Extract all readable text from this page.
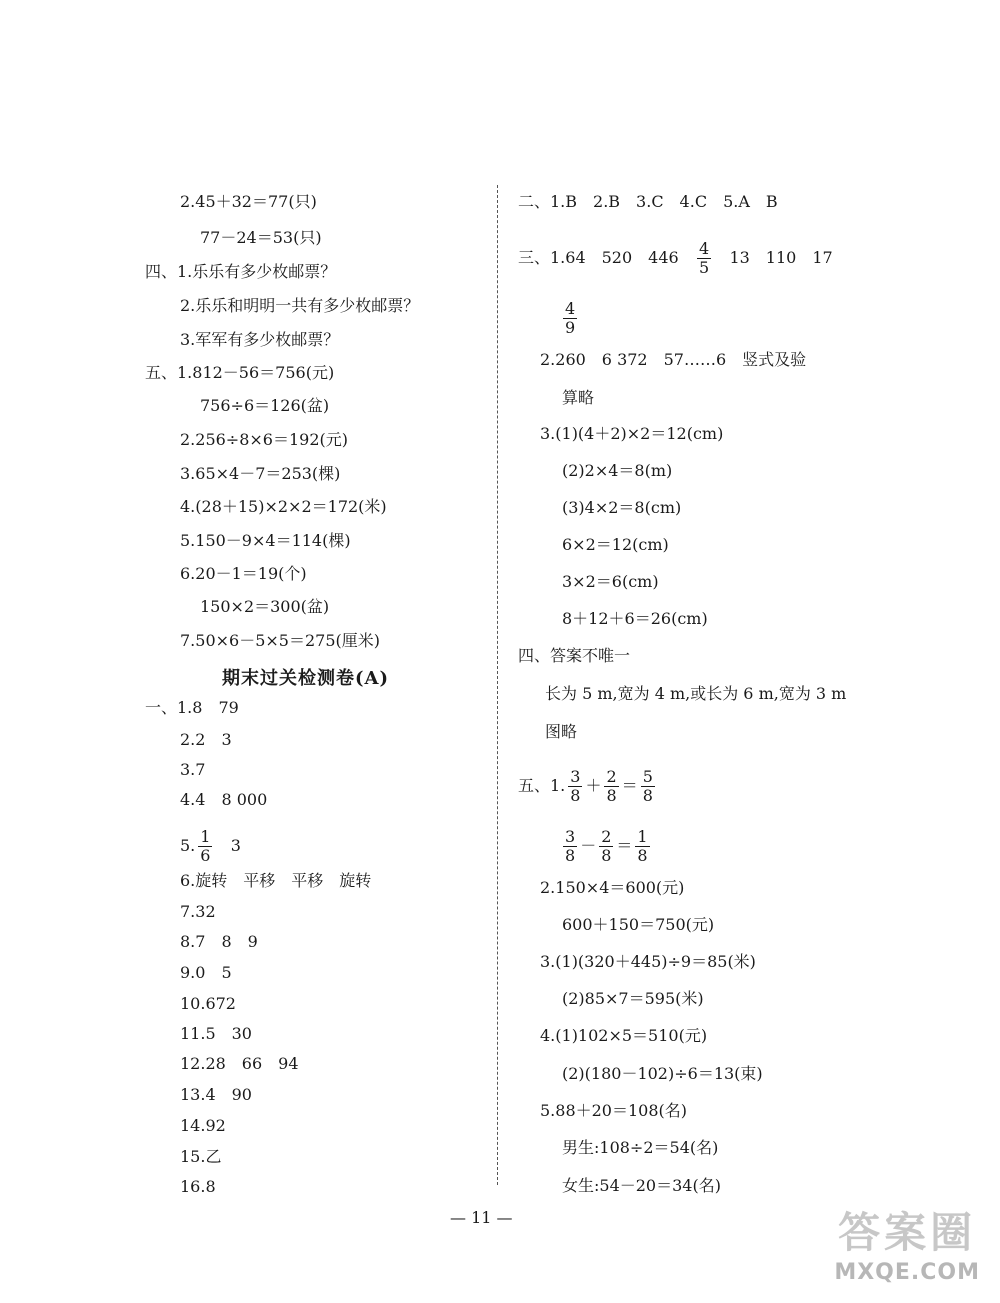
2.45＋32＝77(只)
77－24＝53(只)
四、1.乐乐有多少枚邮票？
2.乐乐和明明一共有多少枚邮票？
3.军军有多少枚邮票？
五、1.812－56＝756(元)
756÷6＝126(盆)
2.256÷8×6＝192(元)
3.65×4－7＝253(棵)
4.(28＋15)×2×2＝172(米)
5.150－9×4＝114(棵)
6.20－1＝19(个)
150×2＝300(盆)
7.50×6－5×5＝275(厘米)
期末过关检测卷(A)
一、1.8　79
2.2　3
3.7
4.4　8 000
5. $\frac{1}{6} 3$
6.旋转　平移　平移　旋转
7.32
8.7　8　9
9.0　5
10.672
11.5　30
12.28　66　94
13.4　90
14.92
15.乙
16.8
二、1.B　2.B　3.C　4.C　5.A　B
三、1.64　520　$446 \frac{4}{5} 13$　110　17
$\frac{4}{9}$
2.260　6 372　57……6　竖式及验
算略
3.(1)(4＋2)×2＝12(cm)
(2)2×4＝8(m)
(3)4×2＝8(cm)
6×2＝12(cm)
3×2＝6(cm)
8＋12＋6＝26(cm)
四、答案不唯一
长为 5 m,宽为 4 m,或长为 6 m,宽为 3 m
图略
五、1. $\frac{3}{8} + \frac{2}{8} = \frac{5}{8}$
$\frac{3}{8} - \frac{2}{8} = \frac{1}{8}$
2.150×4＝600(元)
600＋150＝750(元)
3.(1)(320＋445)÷9＝85(米)
(2)85×7＝595(米)
4.(1)102×5＝510(元)
(2)(180－102)÷6＝13(束)
5.88＋20＝108(名)
男生:108÷2＝54(名)
女生:54－20＝34(名)
— 11 —	答案圈
MXQE.COM
